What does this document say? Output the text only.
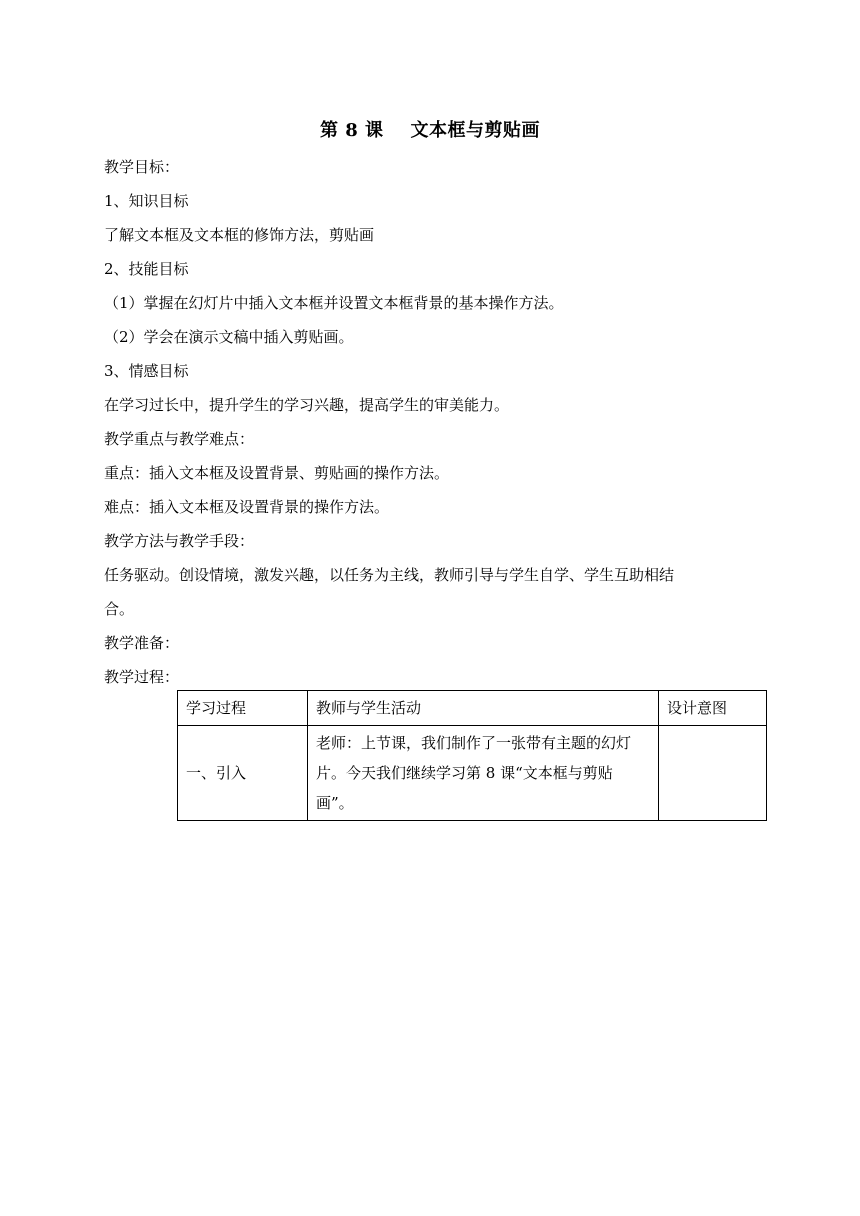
第 8 课    文本框与剪贴画
教学目标：
1、知识目标
了解文本框及文本框的修饰方法，剪贴画
2、技能目标
（1）掌握在幻灯片中插入文本框并设置文本框背景的基本操作方法。
（2）学会在演示文稿中插入剪贴画。
3、情感目标
在学习过长中，提升学生的学习兴趣，提高学生的审美能力。
教学重点与教学难点：
重点：插入文本框及设置背景、剪贴画的操作方法。
难点：插入文本框及设置背景的操作方法。
教学方法与教学手段：
任务驱动。创设情境，激发兴趣，以任务为主线，教师引导与学生自学、学生互助相结
合。
教学准备：
教学过程：
学习过程	教师与学生活动	设计意图
一、引入	老师：上节课，我们制作了一张带有主题的幻灯片。今天我们继续学习第 8 课“文本框与剪贴画”。	
